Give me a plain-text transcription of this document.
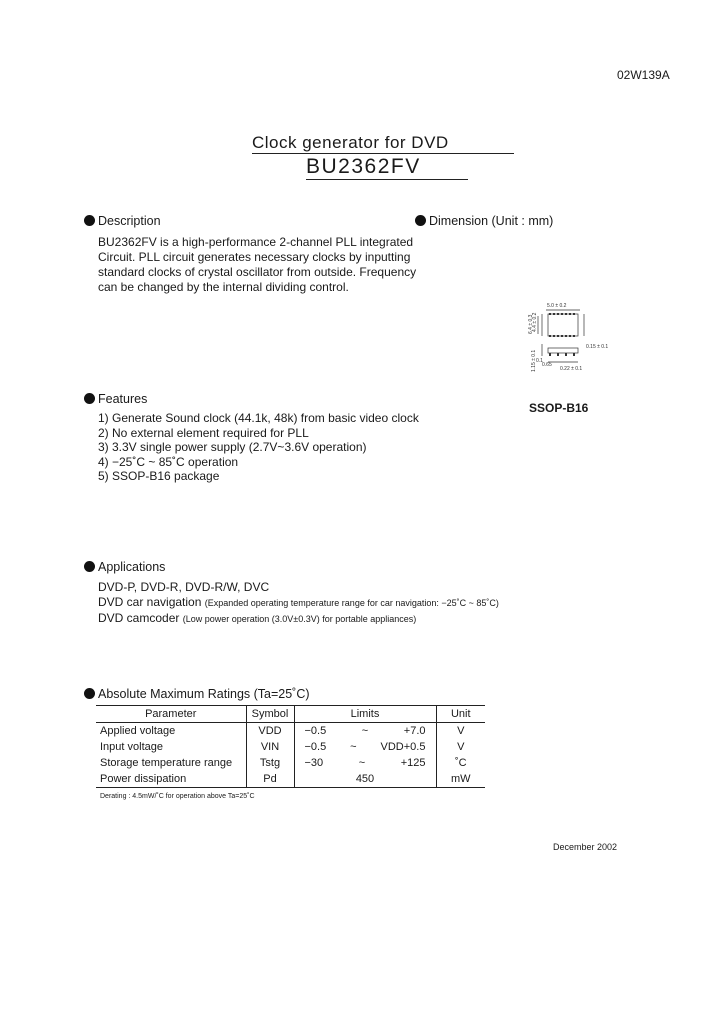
02W139A
Clock generator for DVD
BU2362FV
Description
BU2362FV is a high-performance 2-channel PLL integrated Circuit. PLL circuit generates necessary clocks by inputting standard clocks of crystal oscillator from outside. Frequency can be changed by the internal dividing control.
Dimension (Unit : mm)
5.0 ± 0.2
6.4 ± 0.3
4.4 ± 0.2
0.15 ± 0.1
1.15 ± 0.1 0.1
0.65
0.22 ± 0.1
SSOP-B16
Features
1) Generate Sound clock (44.1k, 48k) from basic video clock
2) No external element required for PLL
3) 3.3V single power supply (2.7V~3.6V operation)
4) −25˚C ~ 85˚C operation
5) SSOP-B16 package
Applications
DVD-P, DVD-R, DVD-R/W, DVC
DVD car navigation (Expanded operating temperature range for car navigation: −25˚C ~ 85˚C)
DVD camcoder (Low power operation (3.0V±0.3V) for portable appliances)
Absolute Maximum Ratings (Ta=25˚C)
Parameter	Symbol	Limits	Unit
Applied voltage	VDD	−0.5 ~ +7.0	V
Input voltage	VIN	−0.5 ~ VDD+0.5	V
Storage temperature range	Tstg	−30 ~ +125	˚C
Power dissipation	Pd	450	mW
Derating : 4.5mW/˚C for operation above Ta=25˚C
December 2002
